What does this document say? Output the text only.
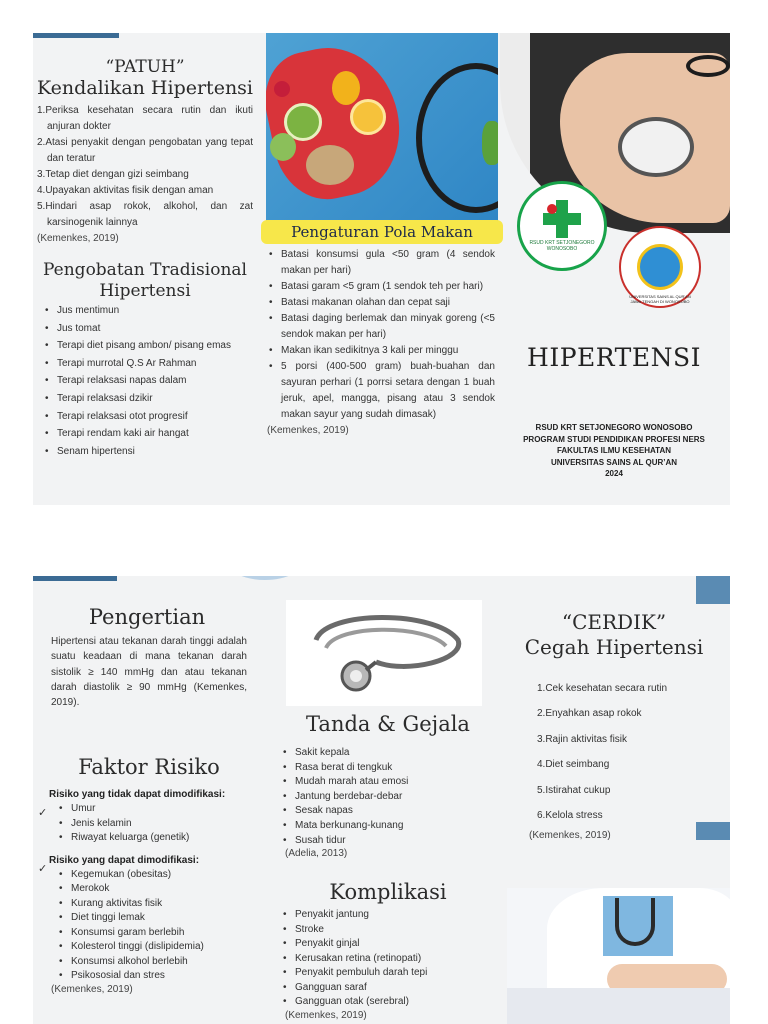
“PATUH”
Kendalikan Hipertensi
1.Periksa kesehatan secara rutin dan ikuti anjuran dokter
2.Atasi penyakit dengan pengobatan yang tepat dan teratur
3.Tetap diet dengan gizi seimbang
4.Upayakan aktivitas fisik dengan aman
5.Hindari asap rokok, alkohol, dan zat karsinogenik lainnya
(Kemenkes, 2019)
Pengobatan Tradisional
Hipertensi
• Jus mentimun
• Jus tomat
• Terapi diet pisang ambon/ pisang emas
• Terapi murrotal Q.S Ar Rahman
• Terapi relaksasi napas dalam
• Terapi relaksasi dzikir
• Terapi relaksasi otot progresif
• Terapi rendam kaki air hangat
• Senam hipertensi
Pengaturan Pola Makan
• Batasi konsumsi gula <50 gram (4 sendok makan per hari)
• Batasi garam <5 gram (1 sendok teh per hari)
• Batasi makanan olahan dan cepat saji
• Batasi daging berlemak dan minyak goreng (<5 sendok makan per hari)
• Makan ikan sedikitnya 3 kali per minggu
• 5 porsi (400-500 gram) buah-buahan dan sayuran perhari (1 porrsi setara dengan 1 buah jeruk, apel, mangga, pisang atau 3 sendok makan sayur yang sudah dimasak)
(Kemenkes, 2019)
RSUD KRT SETJONEGORO WONOSOBO
UNIVERSITAS SAINS AL QUR'AN JAWA TENGAH DI WONOSOBO
HIPERTENSI
RSUD KRT SETJONEGORO WONOSOBO
PROGRAM STUDI PENDIDIKAN PROFESI NERS
FAKULTAS ILMU KESEHATAN
UNIVERSITAS SAINS AL QUR’AN
2024
Pengertian

Hipertensi atau tekanan darah tinggi adalah suatu keadaan di mana tekanan darah sistolik ≥ 140 mmHg dan atau tekanan darah diastolik ≥ 90 mmHg (Kemenkes, 2019).

Faktor Risiko
Risiko yang tidak dapat dimodifikasi:
• Umur
• Jenis kelamin
• Riwayat keluarga (genetik)
Risiko yang dapat dimodifikasi:
• Kegemukan (obesitas)
• Merokok
• Kurang aktivitas fisik
• Diet tinggi lemak
• Konsumsi garam berlebih
• Kolesterol tinggi (dislipidemia)
• Konsumsi alkohol berlebih
• Psikososial dan stres
(Kemenkes, 2019)
✓
✓
Tanda & Gejala
• Sakit kepala
• Rasa berat di tengkuk
• Mudah marah atau emosi
• Jantung berdebar-debar
• Sesak napas
• Mata berkunang-kunang
• Susah tidur
(Adelia, 2013)
Komplikasi
• Penyakit jantung
• Stroke
• Penyakit ginjal
• Kerusakan retina (retinopati)
• Penyakit pembuluh darah tepi
• Gangguan saraf
• Gangguan otak (serebral)
(Kemenkes, 2019)
“CERDIK”
Cegah Hipertensi
1.Cek kesehatan secara rutin
2.Enyahkan asap rokok
3.Rajin aktivitas fisik
4.Diet seimbang
5.Istirahat cukup
6.Kelola stress
(Kemenkes, 2019)
